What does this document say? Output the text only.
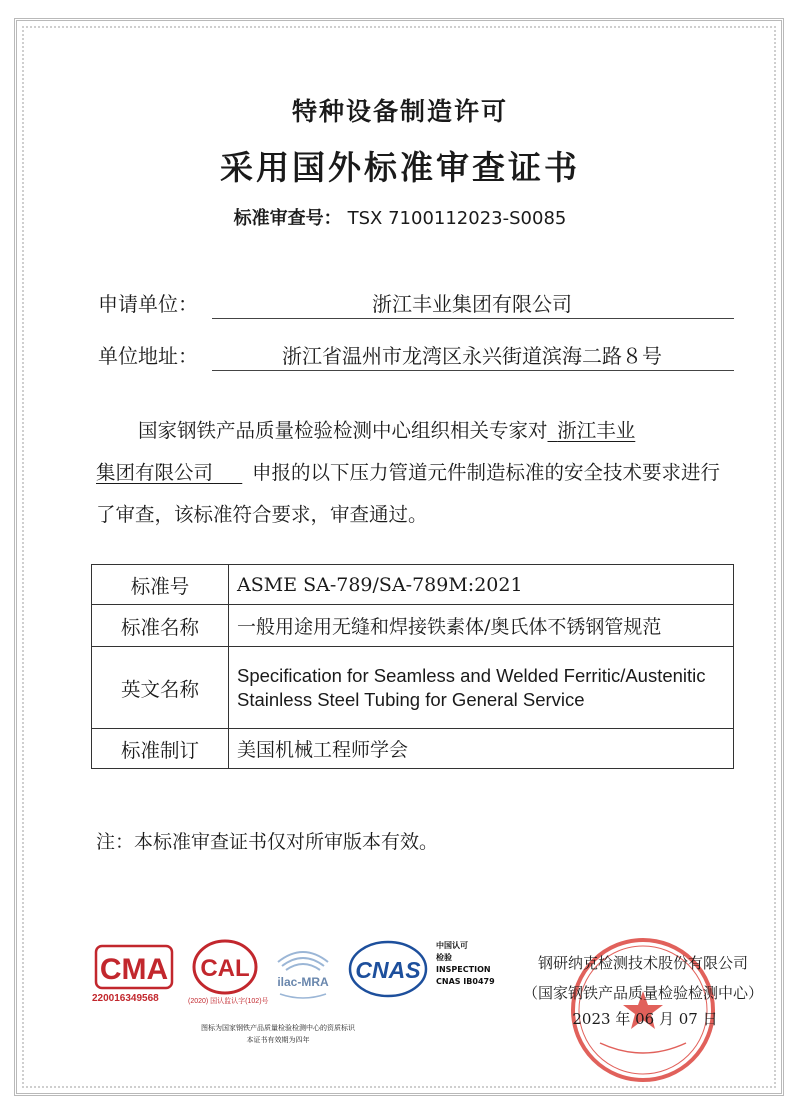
特种设备制造许可
采用国外标准审查证书
标准审查号： TSX 7100112023-S0085
申请单位：	浙江丰业集团有限公司
单位地址：	浙江省温州市龙湾区永兴街道滨海二路８号
国家钢铁产品质量检验检测中心组织相关专家对  浙江丰业
集团有限公司    申报的以下压力管道元件制造标准的安全技术要求进行了审查，该标准符合要求，审查通过。
标准号	ASME SA-789/SA-789M:2021
标准名称	一般用途用无缝和焊接铁素体/奥氏体不锈钢管规范
英文名称	Specification for Seamless and Welded Ferritic/Austenitic Stainless Steel Tubing for General Service
标准制订	美国机械工程师学会
注：本标准审查证书仅对所审版本有效。
CMA
220016349568
CAL
(2020) 国认监认字(102)号
ilac-MRA CNAS
中国认可
检验
INSPECTION
CNAS IB0479
图标为国家钢铁产品质量检验检测中心的资质标识
本证书有效期为四年
钢研纳克检测技术股份有限公司
（国家钢铁产品质量检验检测中心）
2023 年 06 月 07 日
